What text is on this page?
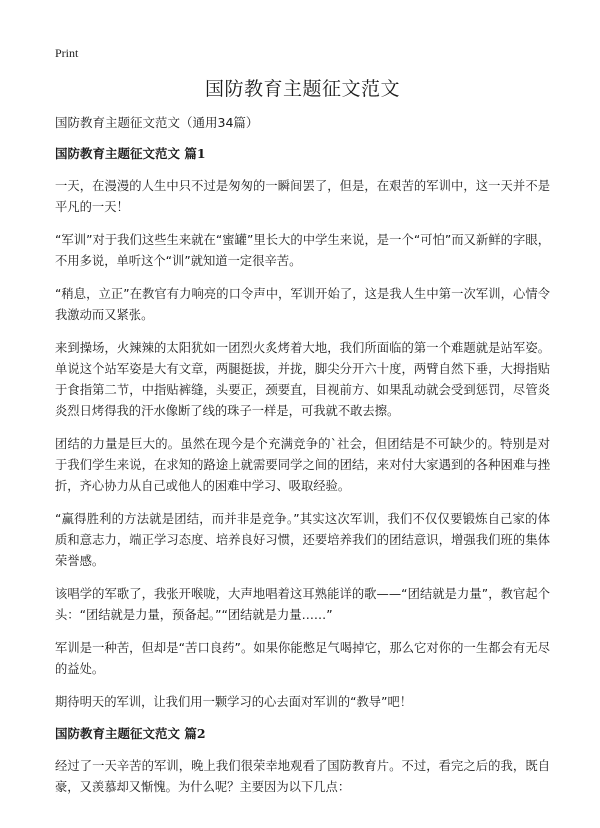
Print
国防教育主题征文范文
国防教育主题征文范文（通用34篇）
国防教育主题征文范文 篇1

一天，在漫漫的人生中只不过是匆匆的一瞬间罢了，但是，在艰苦的军训中，这一天并不是平凡的一天！

“军训”对于我们这些生来就在“蜜罐”里长大的中学生来说，是一个“可怕”而又新鲜的字眼，不用多说，单听这个“训”就知道一定很辛苦。

“稍息，立正”在教官有力响亮的口令声中，军训开始了，这是我人生中第一次军训，心情令我激动而又紧张。

来到操场，火辣辣的太阳犹如一团烈火炙烤着大地，我们所面临的第一个难题就是站军姿。单说这个站军姿是大有文章，两腿挺拔，并拢，脚尖分开六十度，两臂自然下垂，大拇指贴于食指第二节，中指贴裤缝，头要正，颈要直，目视前方、如果乱动就会受到惩罚，尽管炎炎烈日烤得我的汗水像断了线的珠子一样是，可我就不敢去擦。

团结的力量是巨大的。虽然在现今是个充满竞争的`社会，但团结是不可缺少的。特别是对于我们学生来说，在求知的路途上就需要同学之间的团结，来对付大家遇到的各种困难与挫折，齐心协力从自己或他人的困难中学习、吸取经验。

“赢得胜利的方法就是团结，而并非是竞争。”其实这次军训，我们不仅仅要锻炼自己家的体质和意志力，端正学习态度、培养良好习惯，还要培养我们的团结意识，增强我们班的集体荣誉感。

该唱学的军歌了，我张开喉咙，大声地唱着这耳熟能详的歌——“团结就是力量”，教官起个头：“团结就是力量，预备起。”“团结就是力量……”

军训是一种苦，但却是“苦口良药”。如果你能憋足气喝掉它，那么它对你的一生都会有无尽的益处。

期待明天的军训，让我们用一颗学习的心去面对军训的“教导”吧！

国防教育主题征文范文 篇2

经过了一天辛苦的军训，晚上我们很荣幸地观看了国防教育片。不过，看完之后的我，既自豪，又羡慕却又惭愧。为什么呢？主要因为以下几点：
